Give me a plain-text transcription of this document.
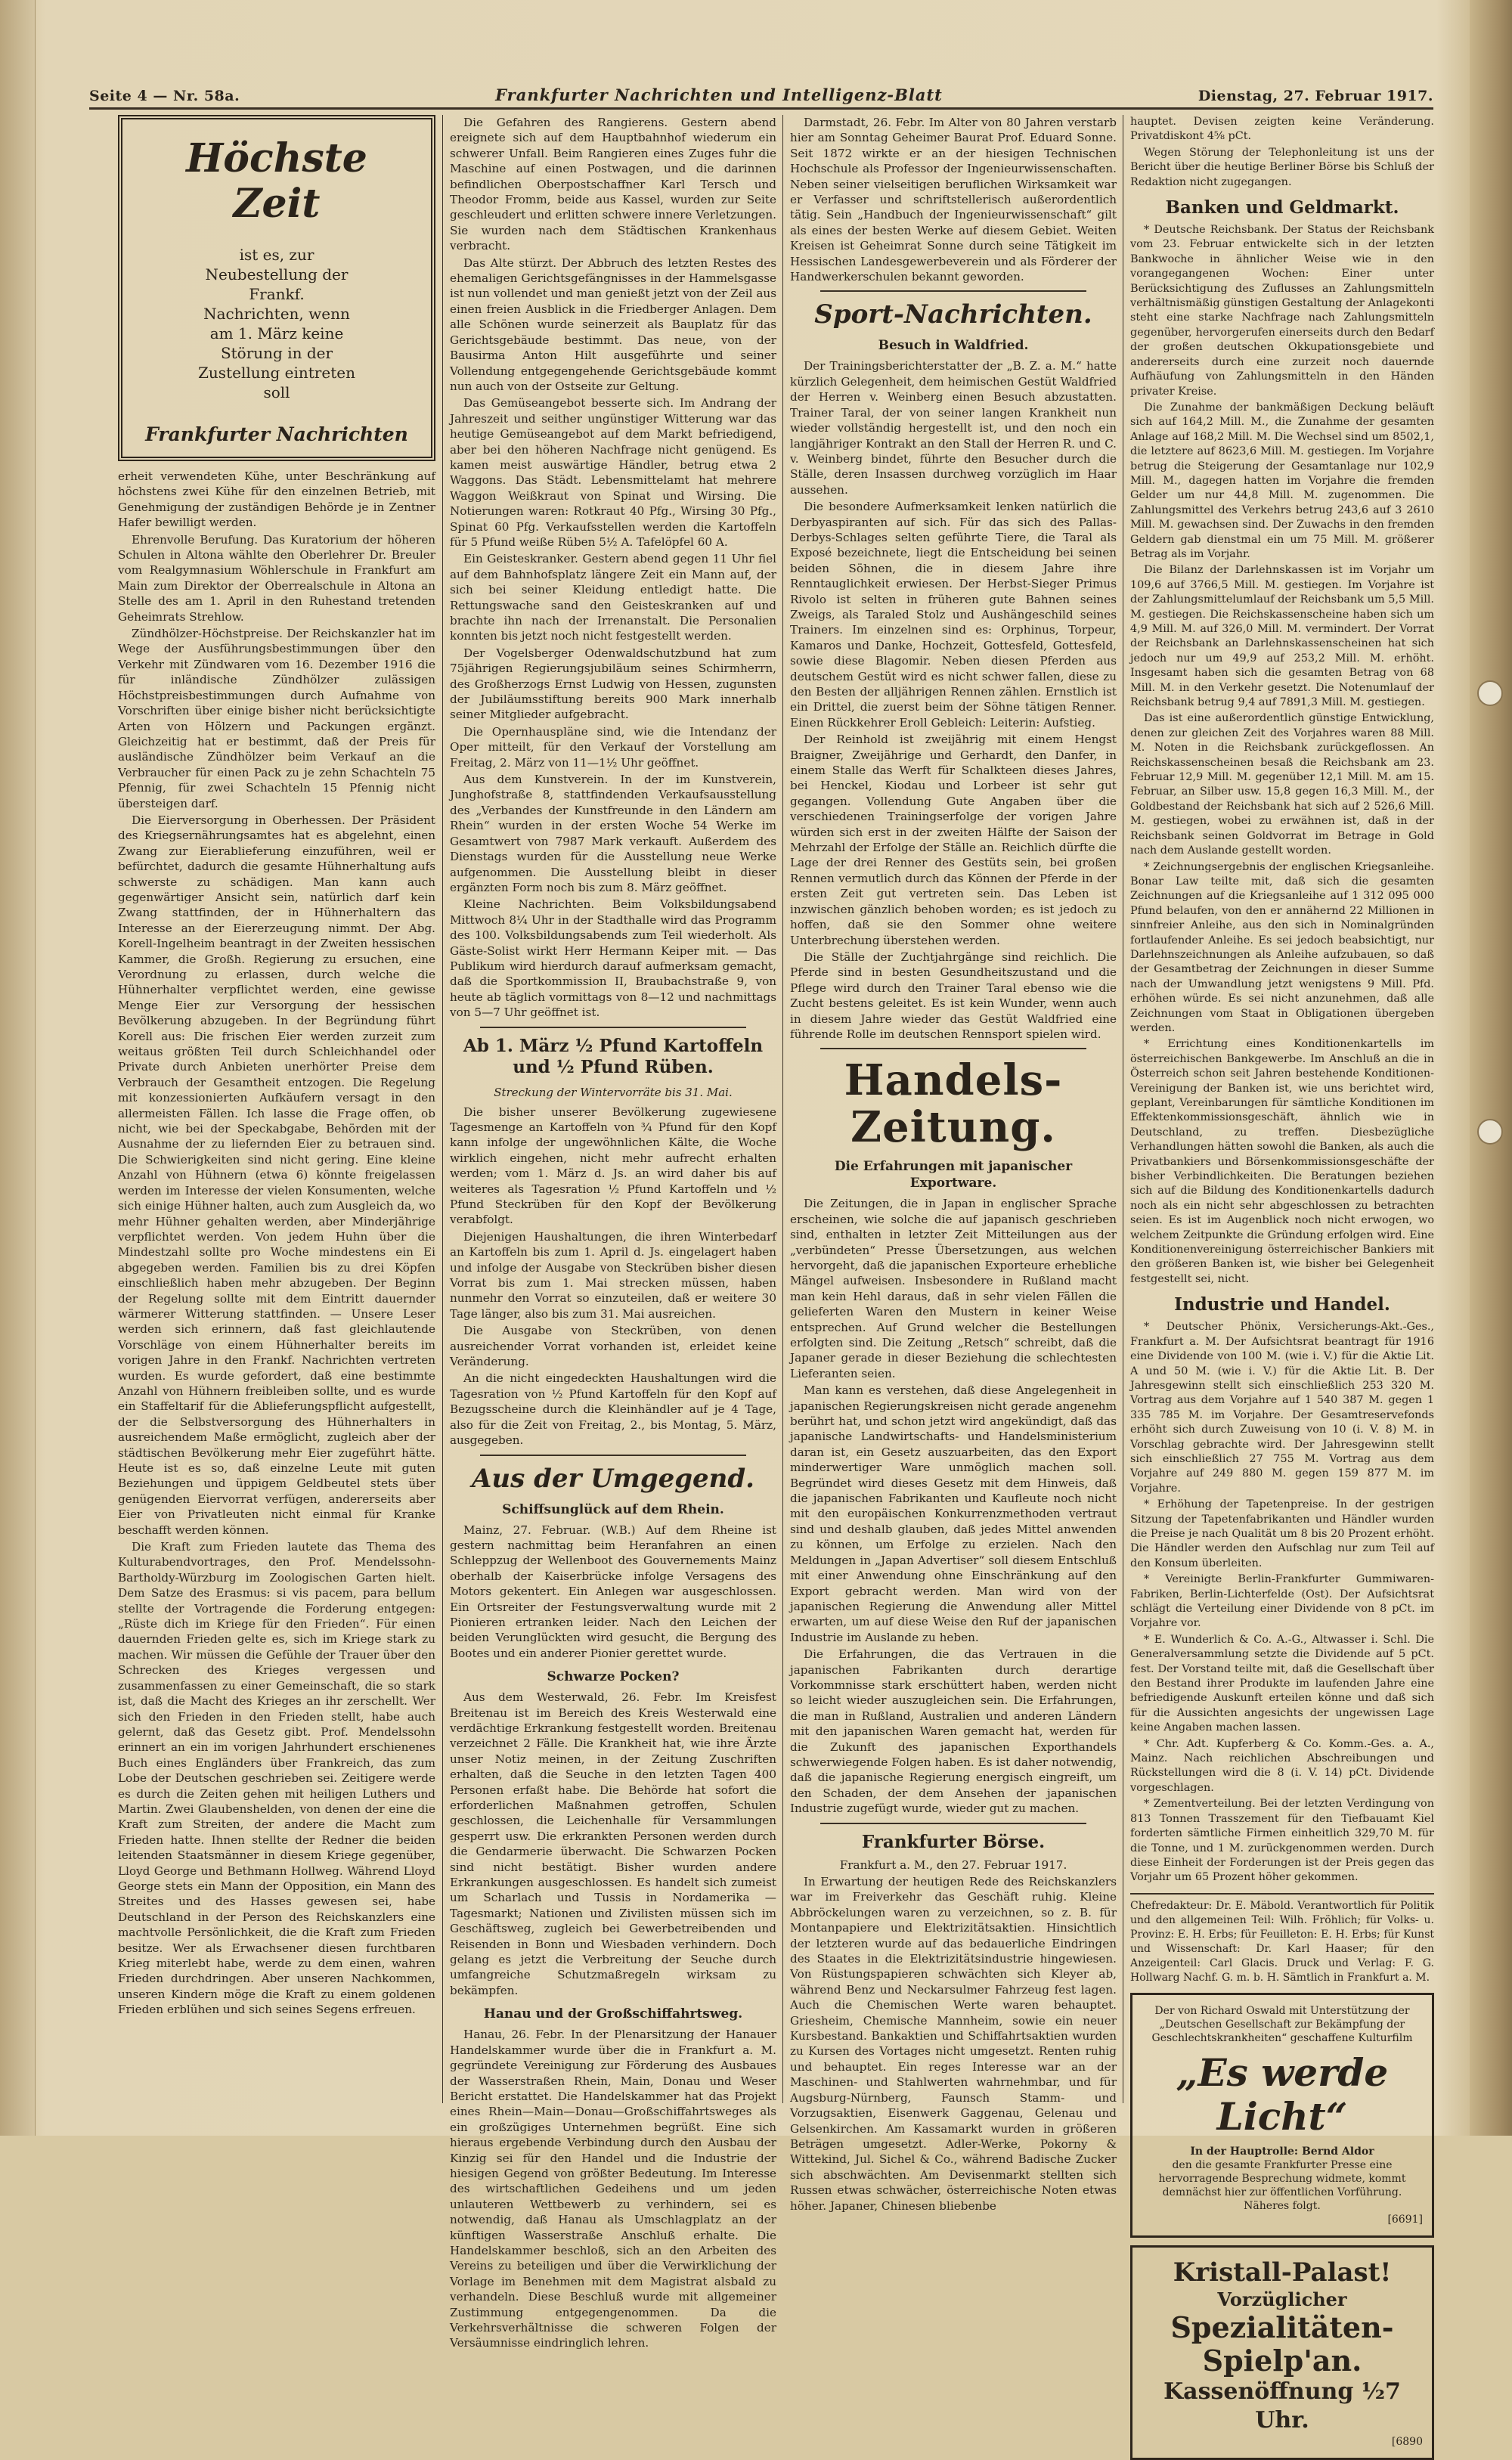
Seite 4 — Nr. 58a.	Frankfurter Nachrichten und Intelligenz-Blatt	Dienstag, 27. Februar 1917.
Höchste Zeit
ist es, zur Neubestellung der Frankf. Nachrichten, wenn am 1. März keine Störung in der Zustellung eintreten soll
Frankfurter Nachrichten

erheit verwendeten Kühe, unter Beschränkung auf höchstens zwei Kühe für den einzelnen Betrieb, mit Genehmigung der zuständigen Behörde je in Zentner Hafer bewilligt werden.

Ehrenvolle Berufung. Das Kuratorium der höheren Schulen in Altona wählte den Oberlehrer Dr. Breuler vom Realgymnasium Wöhlerschule in Frankfurt am Main zum Direktor der Oberrealschule in Altona an Stelle des am 1. April in den Ruhestand tretenden Geheimrats Strehlow.

Zündhölzer-Höchstpreise. Der Reichskanzler hat im Wege der Ausführungsbestimmungen über den Verkehr mit Zündwaren vom 16. Dezember 1916 die für inländische Zündhölzer zulässigen Höchstpreisbestimmungen durch Aufnahme von Vorschriften über einige bisher nicht berücksichtigte Arten von Hölzern und Packungen ergänzt. Gleichzeitig hat er bestimmt, daß der Preis für ausländische Zündhölzer beim Verkauf an die Verbraucher für einen Pack zu je zehn Schachteln 75 Pfennig, für zwei Schachteln 15 Pfennig nicht übersteigen darf.

Die Eierversorgung in Oberhessen. Der Präsident des Kriegsernährungsamtes hat es abgelehnt, einen Zwang zur Eierablieferung einzuführen, weil er befürchtet, dadurch die gesamte Hühnerhaltung aufs schwerste zu schädigen. Man kann auch gegenwärtiger Ansicht sein, natürlich darf kein Zwang stattfinden, der in Hühnerhaltern das Interesse an der Eiererzeugung nimmt. Der Abg. Korell-Ingelheim beantragt in der Zweiten hessischen Kammer, die Großh. Regierung zu ersuchen, eine Verordnung zu erlassen, durch welche die Hühnerhalter verpflichtet werden, eine gewisse Menge Eier zur Versorgung der hessischen Bevölkerung abzugeben. In der Begründung führt Korell aus: Die frischen Eier werden zurzeit zum weitaus größten Teil durch Schleichhandel oder Private durch Anbieten unerhörter Preise dem Verbrauch der Gesamtheit entzogen. Die Regelung mit konzessionierten Aufkäufern versagt in den allermeisten Fällen. Ich lasse die Frage offen, ob nicht, wie bei der Speckabgabe, Behörden mit der Ausnahme der zu liefernden Eier zu betrauen sind. Die Schwierigkeiten sind nicht gering. Eine kleine Anzahl von Hühnern (etwa 6) könnte freigelassen werden im Interesse der vielen Konsumenten, welche sich einige Hühner halten, auch zum Ausgleich da, wo mehr Hühner gehalten werden, aber Minderjährige verpflichtet werden. Von jedem Huhn über die Mindestzahl sollte pro Woche mindestens ein Ei abgegeben werden. Familien bis zu drei Köpfen einschließlich haben mehr abzugeben. Der Beginn der Regelung sollte mit dem Eintritt dauernder wärmerer Witterung stattfinden. — Unsere Leser werden sich erinnern, daß fast gleichlautende Vorschläge von einem Hühnerhalter bereits im vorigen Jahre in den Frankf. Nachrichten vertreten wurden. Es wurde gefordert, daß eine bestimmte Anzahl von Hühnern freibleiben sollte, und es wurde ein Staffeltarif für die Ablieferungspflicht aufgestellt, der die Selbstversorgung des Hühnerhalters in ausreichendem Maße ermöglicht, zugleich aber der städtischen Bevölkerung mehr Eier zugeführt hätte. Heute ist es so, daß einzelne Leute mit guten Beziehungen und üppigem Geldbeutel stets über genügenden Eiervorrat verfügen, andererseits aber Eier von Privatleuten nicht einmal für Kranke beschafft werden können.

Die Kraft zum Frieden lautete das Thema des Kulturabendvortrages, den Prof. Mendelssohn-Bartholdy-Würzburg im Zoologischen Garten hielt. Dem Satze des Erasmus: si vis pacem, para bellum stellte der Vortragende die Forderung entgegen: „Rüste dich im Kriege für den Frieden“. Für einen dauernden Frieden gelte es, sich im Kriege stark zu machen. Wir müssen die Gefühle der Trauer über den Schrecken des Krieges vergessen und zusammenfassen zu einer Gemeinschaft, die so stark ist, daß die Macht des Krieges an ihr zerschellt. Wer sich den Frieden in den Frieden stellt, habe auch gelernt, daß das Gesetz gibt. Prof. Mendelssohn erinnert an ein im vorigen Jahrhundert erschienenes Buch eines Engländers über Frankreich, das zum Lobe der Deutschen geschrieben sei. Zeitigere werde es durch die Zeiten gehen mit heiligen Luthers und Martin. Zwei Glaubenshelden, von denen der eine die Kraft zum Streiten, der andere die Macht zum Frieden hatte. Ihnen stellte der Redner die beiden leitenden Staatsmänner in diesem Kriege gegenüber, Lloyd George und Bethmann Hollweg. Während Lloyd George stets ein Mann der Opposition, ein Mann des Streites und des Hasses gewesen sei, habe Deutschland in der Person des Reichskanzlers eine machtvolle Persönlichkeit, die die Kraft zum Frieden besitze. Wer als Erwachsener diesen furchtbaren Krieg miterlebt habe, werde zu dem einen, wahren Frieden durchdringen. Aber unseren Nachkommen, unseren Kindern möge die Kraft zu einem goldenen Frieden erblühen und sich seines Segens erfreuen.

Die Gefahren des Rangierens. Gestern abend ereignete sich auf dem Hauptbahnhof wiederum ein schwerer Unfall. Beim Rangieren eines Zuges fuhr die Maschine auf einen Postwagen, und die darinnen befindlichen Oberpostschaffner Karl Tersch und Theodor Fromm, beide aus Kassel, wurden zur Seite geschleudert und erlitten schwere innere Verletzungen. Sie wurden nach dem Städtischen Krankenhaus verbracht.

Das Alte stürzt. Der Abbruch des letzten Restes des ehemaligen Gerichtsgefängnisses in der Hammelsgasse ist nun vollendet und man genießt jetzt von der Zeil aus einen freien Ausblick in die Friedberger Anlagen. Dem alle Schönen wurde seinerzeit als Bauplatz für das Gerichtsgebäude bestimmt. Das neue, von der Bausirma Anton Hilt ausgeführte und seiner Vollendung entgegengehende Gerichtsgebäude kommt nun auch von der Ostseite zur Geltung.

Das Gemüseangebot besserte sich. Im Andrang der Jahreszeit und seither ungünstiger Witterung war das heutige Gemüseangebot auf dem Markt befriedigend, aber bei den höheren Nachfrage nicht genügend. Es kamen meist auswärtige Händler, betrug etwa 2 Waggons. Das Städt. Lebensmittelamt hat mehrere Waggon Weißkraut von Spinat und Wirsing. Die Notierungen waren: Rotkraut 40 Pfg., Wirsing 30 Pfg., Spinat 60 Pfg. Verkaufsstellen werden die Kartoffeln für 5 Pfund weiße Rüben 5½ A. Tafelöpfel 60 A.

Ein Geisteskranker. Gestern abend gegen 11 Uhr fiel auf dem Bahnhofsplatz längere Zeit ein Mann auf, der sich bei seiner Kleidung entledigt hatte. Die Rettungswache sand den Geisteskranken auf und brachte ihn nach der Irrenanstalt. Die Personalien konnten bis jetzt noch nicht festgestellt werden.

Der Vogelsberger Odenwaldschutzbund hat zum 75jährigen Regierungsjubiläum seines Schirmherrn, des Großherzogs Ernst Ludwig von Hessen, zugunsten der Jubiläumsstiftung bereits 900 Mark innerhalb seiner Mitglieder aufgebracht.

Die Opernhauspläne sind, wie die Intendanz der Oper mitteilt, für den Verkauf der Vorstellung am Freitag, 2. März von 11—1½ Uhr geöffnet.

Aus dem Kunstverein. In der im Kunstverein, Junghofstraße 8, stattfindenden Verkaufsausstellung des „Verbandes der Kunstfreunde in den Ländern am Rhein“ wurden in der ersten Woche 54 Werke im Gesamtwert von 7987 Mark verkauft. Außerdem des Dienstags wurden für die Ausstellung neue Werke aufgenommen. Die Ausstellung bleibt in dieser ergänzten Form noch bis zum 8. März geöffnet.

Kleine Nachrichten. Beim Volksbildungsabend Mittwoch 8¼ Uhr in der Stadthalle wird das Programm des 100. Volksbildungsabends zum Teil wiederholt. Als Gäste-Solist wirkt Herr Hermann Keiper mit. — Das Publikum wird hierdurch darauf aufmerksam gemacht, daß die Sportkommission II, Braubachstraße 9, von heute ab täglich vormittags von 8—12 und nachmittags von 5—7 Uhr geöffnet ist.

Ab 1. März ½ Pfund Kartoffeln und ½ Pfund Rüben.
Streckung der Wintervorräte bis 31. Mai.

Die bisher unserer Bevölkerung zugewiesene Tagesmenge an Kartoffeln von ¾ Pfund für den Kopf kann infolge der ungewöhnlichen Kälte, die Woche wirklich eingehen, nicht mehr aufrecht erhalten werden; vom 1. März d. Js. an wird daher bis auf weiteres als Tagesration ½ Pfund Kartoffeln und ½ Pfund Steckrüben für den Kopf der Bevölkerung verabfolgt.

Diejenigen Haushaltungen, die ihren Winterbedarf an Kartoffeln bis zum 1. April d. Js. eingelagert haben und infolge der Ausgabe von Steckrüben bisher diesen Vorrat bis zum 1. Mai strecken müssen, haben nunmehr den Vorrat so einzuteilen, daß er weitere 30 Tage länger, also bis zum 31. Mai ausreichen.

Die Ausgabe von Steckrüben, von denen ausreichender Vorrat vorhanden ist, erleidet keine Veränderung.

An die nicht eingedeckten Haushaltungen wird die Tagesration von ½ Pfund Kartoffeln für den Kopf auf Bezugsscheine durch die Kleinhändler auf je 4 Tage, also für die Zeit von Freitag, 2., bis Montag, 5. März, ausgegeben.

Aus der Umgegend.
Schiffsunglück auf dem Rhein.

Mainz, 27. Februar. (W.B.) Auf dem Rheine ist gestern nachmittag beim Heranfahren an einen Schleppzug der Wellenboot des Gouvernements Mainz oberhalb der Kaiserbrücke infolge Versagens des Motors gekentert. Ein Anlegen war ausgeschlossen. Ein Ortsreiter der Festungsverwaltung wurde mit 2 Pionieren ertranken leider. Nach den Leichen der beiden Verunglückten wird gesucht, die Bergung des Bootes und ein anderer Pionier gerettet wurde.

Schwarze Pocken?

Aus dem Westerwald, 26. Febr. Im Kreisfest Breitenau ist im Bereich des Kreis Westerwald eine verdächtige Erkrankung festgestellt worden. Breitenau verzeichnet 2 Fälle. Die Krankheit hat, wie ihre Ärzte unser Notiz meinen, in der Zeitung Zuschriften erhalten, daß die Seuche in den letzten Tagen 400 Personen erfaßt habe. Die Behörde hat sofort die erforderlichen Maßnahmen getroffen, Schulen geschlossen, die Leichenhalle für Versammlungen gesperrt usw. Die erkrankten Personen werden durch die Gendarmerie überwacht. Die Schwarzen Pocken sind nicht bestätigt. Bisher wurden andere Erkrankungen ausgeschlossen. Es handelt sich zumeist um Scharlach und Tussis in Nordamerika — Tagesmarkt; Nationen und Zivilisten müssen sich im Geschäftsweg, zugleich bei Gewerbetreibenden und Reisenden in Bonn und Wiesbaden verhindern. Doch gelang es jetzt die Verbreitung der Seuche durch umfangreiche Schutzmaßregeln wirksam zu bekämpfen.

Hanau und der Großschiffahrtsweg.

Hanau, 26. Febr. In der Plenarsitzung der Hanauer Handelskammer wurde über die in Frankfurt a. M. gegründete Vereinigung zur Förderung des Ausbaues der Wasserstraßen Rhein, Main, Donau und Weser Bericht erstattet. Die Handelskammer hat das Projekt eines Rhein—Main—Donau—Großschiffahrtsweges als ein großzügiges Unternehmen begrüßt. Eine sich hieraus ergebende Verbindung durch den Ausbau der Kinzig sei für den Handel und die Industrie der hiesigen Gegend von größter Bedeutung. Im Interesse des wirtschaftlichen Gedeihens und um jeden unlauteren Wettbewerb zu verhindern, sei es notwendig, daß Hanau als Umschlagplatz an der künftigen Wasserstraße Anschluß erhalte. Die Handelskammer beschloß, sich an den Arbeiten des Vereins zu beteiligen und über die Verwirklichung der Vorlage im Benehmen mit dem Magistrat alsbald zu verhandeln. Diese Beschluß wurde mit allgemeiner Zustimmung entgegengenommen. Da die Verkehrsverhältnisse die schweren Folgen der Versäumnisse eindringlich lehren.

Darmstadt, 26. Febr. Im Alter von 80 Jahren verstarb hier am Sonntag Geheimer Baurat Prof. Eduard Sonne. Seit 1872 wirkte er an der hiesigen Technischen Hochschule als Professor der Ingenieurwissenschaften. Neben seiner vielseitigen beruflichen Wirksamkeit war er Verfasser und schriftstellerisch außerordentlich tätig. Sein „Handbuch der Ingenieurwissenschaft“ gilt als eines der besten Werke auf diesem Gebiet. Weiten Kreisen ist Geheimrat Sonne durch seine Tätigkeit im Hessischen Landesgewerbeverein und als Förderer der Handwerkerschulen bekannt geworden.

Sport-Nachrichten.
Besuch in Waldfried.

Der Trainingsberichterstatter der „B. Z. a. M.“ hatte kürzlich Gelegenheit, dem heimischen Gestüt Waldfried der Herren v. Weinberg einen Besuch abzustatten. Trainer Taral, der von seiner langen Krankheit nun wieder vollständig hergestellt ist, und den noch ein langjähriger Kontrakt an den Stall der Herren R. und C. v. Weinberg bindet, führte den Besucher durch die Ställe, deren Insassen durchweg vorzüglich im Haar aussehen.

Die besondere Aufmerksamkeit lenken natürlich die Derbyaspiranten auf sich. Für das sich des Pallas-Derbys-Schlages selten geführte Tiere, die Taral als Exposé bezeichnete, liegt die Entscheidung bei seinen beiden Söhnen, die in diesem Jahre ihre Renntauglichkeit erwiesen. Der Herbst-Sieger Primus Rivolo ist selten in früheren gute Bahnen seines Zweigs, als Taraled Stolz und Aushängeschild seines Trainers. Im einzelnen sind es: Orphinus, Torpeur, Kamaros und Danke, Hochzeit, Gottesfeld, Gottesfeld, sowie diese Blagomir. Neben diesen Pferden aus deutschem Gestüt wird es nicht schwer fallen, diese zu den Besten der alljährigen Rennen zählen. Ernstlich ist ein Drittel, die zuerst beim der Söhne tätigen Renner. Einen Rückkehrer Eroll Gebleich: Leiterin: Aufstieg.

Der Reinhold ist zweijährig mit einem Hengst Braigner, Zweijährige und Gerhardt, den Danfer, in einem Stalle das Werft für Schalkteen dieses Jahres, bei Henckel, Kiodau und Lorbeer ist sehr gut gegangen. Vollendung Gute Angaben über die verschiedenen Trainingserfolge der vorigen Jahre würden sich erst in der zweiten Hälfte der Saison der Mehrzahl der Erfolge der Ställe an. Reichlich dürfte die Lage der drei Renner des Gestüts sein, bei großen Rennen vermutlich durch das Können der Pferde in der ersten Zeit gut vertreten sein. Das Leben ist inzwischen gänzlich behoben worden; es ist jedoch zu hoffen, daß sie den Sommer ohne weitere Unterbrechung überstehen werden.

Die Ställe der Zuchtjahrgänge sind reichlich. Die Pferde sind in besten Gesundheitszustand und die Pflege wird durch den Trainer Taral ebenso wie die Zucht bestens geleitet. Es ist kein Wunder, wenn auch in diesem Jahre wieder das Gestüt Waldfried eine führende Rolle im deutschen Rennsport spielen wird.

Handels-Zeitung.
Die Erfahrungen mit japanischer Exportware.

Die Zeitungen, die in Japan in englischer Sprache erscheinen, wie solche die auf japanisch geschrieben sind, enthalten in letzter Zeit Mitteilungen aus der „verbündeten“ Presse Übersetzungen, aus welchen hervorgeht, daß die japanischen Exporteure erhebliche Mängel aufweisen. Insbesondere in Rußland macht man kein Hehl daraus, daß in sehr vielen Fällen die gelieferten Waren den Mustern in keiner Weise entsprechen. Auf Grund welcher die Bestellungen erfolgten sind. Die Zeitung „Retsch“ schreibt, daß die Japaner gerade in dieser Beziehung die schlechtesten Lieferanten seien.

Man kann es verstehen, daß diese Angelegenheit in japanischen Regierungskreisen nicht gerade angenehm berührt hat, und schon jetzt wird angekündigt, daß das japanische Landwirtschafts- und Handelsministerium daran ist, ein Gesetz auszuarbeiten, das den Export minderwertiger Ware unmöglich machen soll. Begründet wird dieses Gesetz mit dem Hinweis, daß die japanischen Fabrikanten und Kaufleute noch nicht mit den europäischen Konkurrenzmethoden vertraut sind und deshalb glauben, daß jedes Mittel anwenden zu können, um Erfolge zu erzielen. Nach den Meldungen in „Japan Advertiser“ soll diesem Entschluß mit einer Anwendung ohne Einschränkung auf den Export gebracht werden. Man wird von der japanischen Regierung die Anwendung aller Mittel erwarten, um auf diese Weise den Ruf der japanischen Industrie im Auslande zu heben.

Die Erfahrungen, die das Vertrauen in die japanischen Fabrikanten durch derartige Vorkommnisse stark erschüttert haben, werden nicht so leicht wieder auszugleichen sein. Die Erfahrungen, die man in Rußland, Australien und anderen Ländern mit den japanischen Waren gemacht hat, werden für die Zukunft des japanischen Exporthandels schwerwiegende Folgen haben. Es ist daher notwendig, daß die japanische Regierung energisch eingreift, um den Schaden, der dem Ansehen der japanischen Industrie zugefügt wurde, wieder gut zu machen.

Frankfurter Börse.

Frankfurt a. M., den 27. Februar 1917.

In Erwartung der heutigen Rede des Reichskanzlers war im Freiverkehr das Geschäft ruhig. Kleine Abbröckelungen waren zu verzeichnen, so z. B. für Montanpapiere und Elektrizitätsaktien. Hinsichtlich der letzteren wurde auf das bedauerliche Eindringen des Staates in die Elektrizitätsindustrie hingewiesen. Von Rüstungspapieren schwächten sich Kleyer ab, während Benz und Neckarsulmer Fahrzeug fest lagen. Auch die Chemischen Werte waren behauptet. Griesheim, Chemische Mannheim, sowie ein neuer Kursbestand. Bankaktien und Schiffahrtsaktien wurden zu Kursen des Vortages nicht umgesetzt. Renten ruhig und behauptet. Ein reges Interesse war an der Maschinen- und Stahlwerten wahrnehmbar, und für Augsburg-Nürnberg, Faunsch Stamm- und Vorzugsaktien, Eisenwerk Gaggenau, Gelenau und Gelsenkirchen. Am Kassamarkt wurden in größeren Beträgen umgesetzt. Adler-Werke, Pokorny & Wittekind, Jul. Sichel & Co., während Badische Zucker sich abschwächten. Am Devisenmarkt stellten sich Russen etwas schwächer, österreichische Noten etwas höher. Japaner, Chinesen bliebenbe

hauptet. Devisen zeigten keine Veränderung. Privatdiskont 4⅝ pCt.

Wegen Störung der Telephonleitung ist uns der Bericht über die heutige Berliner Börse bis Schluß der Redaktion nicht zugegangen.

Banken und Geldmarkt.

* Deutsche Reichsbank. Der Status der Reichsbank vom 23. Februar entwickelte sich in der letzten Bankwoche in ähnlicher Weise wie in den vorangegangenen Wochen: Einer unter Berücksichtigung des Zuflusses an Zahlungsmitteln verhältnismäßig günstigen Gestaltung der Anlagekonti steht eine starke Nachfrage nach Zahlungsmitteln gegenüber, hervorgerufen einerseits durch den Bedarf der großen deutschen Okkupationsgebiete und andererseits durch eine zurzeit noch dauernde Aufhäufung von Zahlungsmitteln in den Händen privater Kreise.

Die Zunahme der bankmäßigen Deckung beläuft sich auf 164,2 Mill. M., die Zunahme der gesamten Anlage auf 168,2 Mill. M. Die Wechsel sind um 8502,1, die letztere auf 8623,6 Mill. M. gestiegen. Im Vorjahre betrug die Steigerung der Gesamtanlage nur 102,9 Mill. M., dagegen hatten im Vorjahre die fremden Gelder um nur 44,8 Mill. M. zugenommen. Die Zahlungsmittel des Verkehrs betrug 243,6 auf 3 2610 Mill. M. gewachsen sind. Der Zuwachs in den fremden Geldern gab dienstmal ein um 75 Mill. M. größerer Betrag als im Vorjahr.

Die Bilanz der Darlehnskassen ist im Vorjahr um 109,6 auf 3766,5 Mill. M. gestiegen. Im Vorjahre ist der Zahlungsmittelumlauf der Reichsbank um 5,5 Mill. M. gestiegen. Die Reichskassenscheine haben sich um 4,9 Mill. M. auf 326,0 Mill. M. vermindert. Der Vorrat der Reichsbank an Darlehnskassenscheinen hat sich jedoch nur um 49,9 auf 253,2 Mill. M. erhöht. Insgesamt haben sich die gesamten Betrag von 68 Mill. M. in den Verkehr gesetzt. Die Notenumlauf der Reichsbank betrug 9,4 auf 7891,3 Mill. M. gestiegen.

Das ist eine außerordentlich günstige Entwicklung, denen zur gleichen Zeit des Vorjahres waren 88 Mill. M. Noten in die Reichsbank zurückgeflossen. An Reichskassenscheinen besaß die Reichsbank am 23. Februar 12,9 Mill. M. gegenüber 12,1 Mill. M. am 15. Februar, an Silber usw. 15,8 gegen 16,3 Mill. M., der Goldbestand der Reichsbank hat sich auf 2 526,6 Mill. M. gestiegen, wobei zu erwähnen ist, daß in der Reichsbank seinen Goldvorrat im Betrage in Gold nach dem Auslande gestellt worden.

* Zeichnungsergebnis der englischen Kriegsanleihe. Bonar Law teilte mit, daß sich die gesamten Zeichnungen auf die Kriegsanleihe auf 1 312 095 000 Pfund belaufen, von den er annähernd 22 Millionen in sinnfreier Anleihe, aus den sich in Nominalgründen fortlaufender Anleihe. Es sei jedoch beabsichtigt, nur Darlehnszeichnungen als Anleihe aufzubauen, so daß der Gesamtbetrag der Zeichnungen in dieser Summe nach der Umwandlung jetzt wenigstens 9 Mill. Pfd. erhöhen würde. Es sei nicht anzunehmen, daß alle Zeichnungen vom Staat in Obligationen übergeben werden.

* Errichtung eines Konditionenkartells im österreichischen Bankgewerbe. Im Anschluß an die in Österreich schon seit Jahren bestehende Konditionen-Vereinigung der Banken ist, wie uns berichtet wird, geplant, Vereinbarungen für sämtliche Konditionen im Effektenkommissionsgeschäft, ähnlich wie in Deutschland, zu treffen. Diesbezügliche Verhandlungen hätten sowohl die Banken, als auch die Privatbankiers und Börsenkommissionsgeschäfte der bisher Verbindlichkeiten. Die Beratungen beziehen sich auf die Bildung des Konditionenkartells dadurch noch als ein nicht sehr abgeschlossen zu betrachten seien. Es ist im Augenblick noch nicht erwogen, wo welchem Zeitpunkte die Gründung erfolgen wird. Eine Konditionenvereinigung österreichischer Bankiers mit den größeren Banken ist, wie bisher bei Gelegenheit festgestellt sei, nicht.

Industrie und Handel.

* Deutscher Phönix, Versicherungs-Akt.-Ges., Frankfurt a. M. Der Aufsichtsrat beantragt für 1916 eine Dividende von 100 M. (wie i. V.) für die Aktie Lit. A und 50 M. (wie i. V.) für die Aktie Lit. B. Der Jahresgewinn stellt sich einschließlich 253 320 M. Vortrag aus dem Vorjahre auf 1 540 387 M. gegen 1 335 785 M. im Vorjahre. Der Gesamtreservefonds erhöht sich durch Zuweisung von 10 (i. V. 8) M. in Vorschlag gebrachte wird. Der Jahresgewinn stellt sich einschließlich 27 755 M. Vortrag aus dem Vorjahre auf 249 880 M. gegen 159 877 M. im Vorjahre.

* Erhöhung der Tapetenpreise. In der gestrigen Sitzung der Tapetenfabrikanten und Händler wurden die Preise je nach Qualität um 8 bis 20 Prozent erhöht. Die Händler werden den Aufschlag nur zum Teil auf den Konsum überleiten.

* Vereinigte Berlin-Frankfurter Gummiwaren-Fabriken, Berlin-Lichterfelde (Ost). Der Aufsichtsrat schlägt die Verteilung einer Dividende von 8 pCt. im Vorjahre vor.

* E. Wunderlich & Co. A.-G., Altwasser i. Schl. Die Generalversammlung setzte die Dividende auf 5 pCt. fest. Der Vorstand teilte mit, daß die Gesellschaft über den Bestand ihrer Produkte im laufenden Jahre eine befriedigende Auskunft erteilen könne und daß sich für die Aussichten angesichts der ungewissen Lage keine Angaben machen lassen.

* Chr. Adt. Kupferberg & Co. Komm.-Ges. a. A., Mainz. Nach reichlichen Abschreibungen und Rückstellungen wird die 8 (i. V. 14) pCt. Dividende vorgeschlagen.

* Zementverteilung. Bei der letzten Verdingung von 813 Tonnen Trasszement für den Tiefbauamt Kiel forderten sämtliche Firmen einheitlich 329,70 M. für die Tonne, und 1 M. zurückgenommen werden. Durch diese Einheit der Forderungen ist der Preis gegen das Vorjahr um 65 Prozent höher gekommen.

Chefredakteur: Dr. E. Mäbold. Verantwortlich für Politik und den allgemeinen Teil: Wilh. Fröhlich; für Volks- u. Provinz: E. H. Erbs; für Feuilleton: E. H. Erbs; für Kunst und Wissenschaft: Dr. Karl Haaser; für den Anzeigenteil: Carl Glacis. Druck und Verlag: F. G. Hollwarg Nachf. G. m. b. H. Sämtlich in Frankfurt a. M.
Der von Richard Oswald mit Unterstützung der „Deutschen Gesellschaft zur Bekämpfung der Geschlechtskrankheiten“ geschaffene Kulturfilm
„Es werde Licht“
In der Hauptrolle: Bernd Aldor
den die gesamte Frankfurter Presse eine hervorragende Besprechung widmete, kommt demnächst hier zur öffentlichen Vorführung. Näheres folgt.
[6691]
Kristall-Palast!
Vorzüglicher
Spezialitäten-Spielp'an.
Kassenöffnung ½7 Uhr.
[6890
